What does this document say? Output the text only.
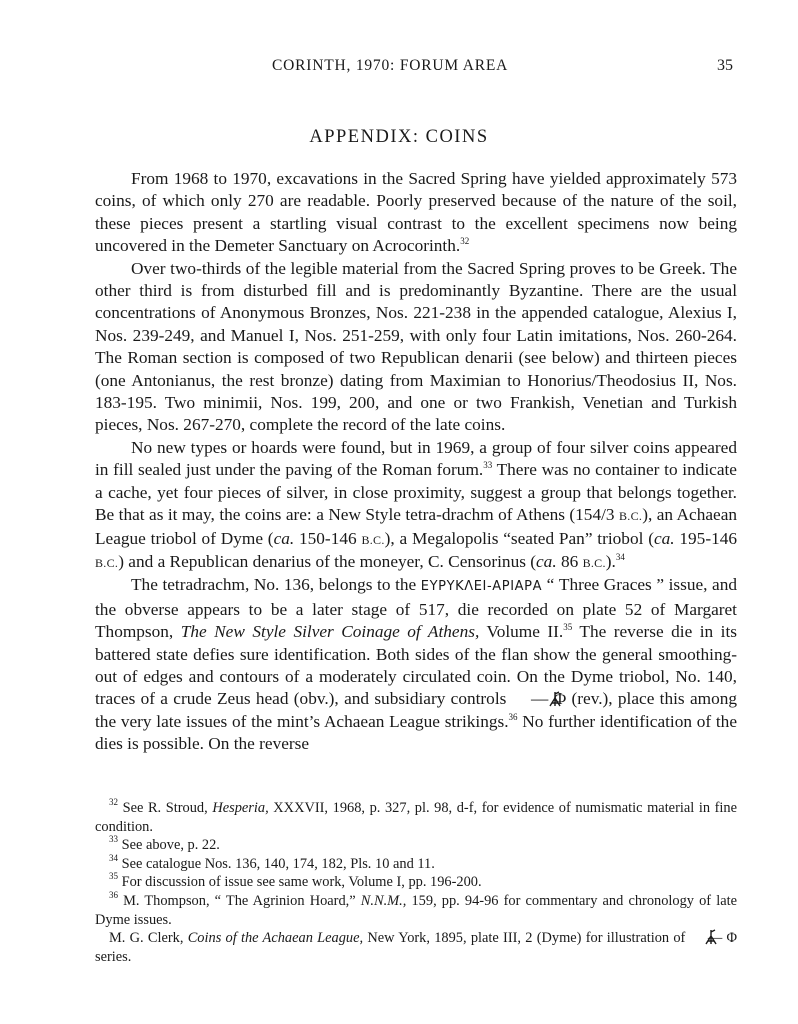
CORINTH, 1970: FORUM AREA	35
APPENDIX: COINS

From 1968 to 1970, excavations in the Sacred Spring have yielded approximately 573 coins, of which only 270 are readable. Poorly preserved because of the nature of the soil, these pieces present a startling visual contrast to the excellent specimens now being uncovered in the Demeter Sanctuary on Acrocorinth.$^{32}$

Over two-thirds of the legible material from the Sacred Spring proves to be Greek. The other third is from disturbed fill and is predominantly Byzantine. There are the usual concentrations of Anonymous Bronzes, Nos. 221-238 in the appended catalogue, Alexius I, Nos. 239-249, and Manuel I, Nos. 251-259, with only four Latin imitations, Nos. 260-264. The Roman section is composed of two Republican denarii (see below) and thirteen pieces (one Antonianus, the rest bronze) dating from Maximian to Honorius/Theodosius II, Nos. 183-195. Two minimii, Nos. 199, 200, and one or two Frankish, Venetian and Turkish pieces, Nos. 267-270, complete the record of the late coins.

No new types or hoards were found, but in 1969, a group of four silver coins appeared in fill sealed just under the paving of the Roman forum.$^{33}$ There was no container to indicate a cache, yet four pieces of silver, in close proximity, suggest a group that belongs together. Be that as it may, the coins are: a New Style tetra-drachm of Athens (154/3 B.C.), an Achaean League triobol of Dyme (ca. 150-146 B.C.), a Megalopolis “seated Pan” triobol (ca. 195-146 B.C.) and a Republican denarius of the moneyer, C. Censorinus (ca. 86 B.C.).$^{34}$

The tetradrachm, No. 136, belongs to the ΕΥΡΥΚΛΕΙ-ΑΡΙΑΡΑ “ Three Graces ” issue, and the obverse appears to be a later stage of 517, die recorded on plate 52 of Margaret Thompson, The New Style Silver Coinage of Athens, Volume II.$^{35}$ The reverse die in its battered state defies sure identification. Both sides of the flan show the general smoothing-out of edges and contours of a moderately circulated coin. On the Dyme triobol, No. 140, traces of a crude Zeus head (obv.), and subsidiary controls  — Φ (rev.), place this among the very late issues of the mint’s Achaean League strikings.$^{36}$ No further identification of the dies is possible. On the reverse

$^{32}$ See R. Stroud, Hesperia, XXXVII, 1968, p. 327, pl. 98, d-f, for evidence of numismatic material in fine condition.

$^{33}$ See above, p. 22.

$^{34}$ See catalogue Nos. 136, 140, 174, 182, Pls. 10 and 11.

$^{35}$ For discussion of issue see same work, Volume I, pp. 196-200.

$^{36}$ M. Thompson, “ The Agrinion Hoard,” N.N.M., 159, pp. 94-96 for commentary and chronology of late Dyme issues.

M. G. Clerk, Coins of the Achaean League, New York, 1895, plate III, 2 (Dyme) for illustration of  — Φ series.
